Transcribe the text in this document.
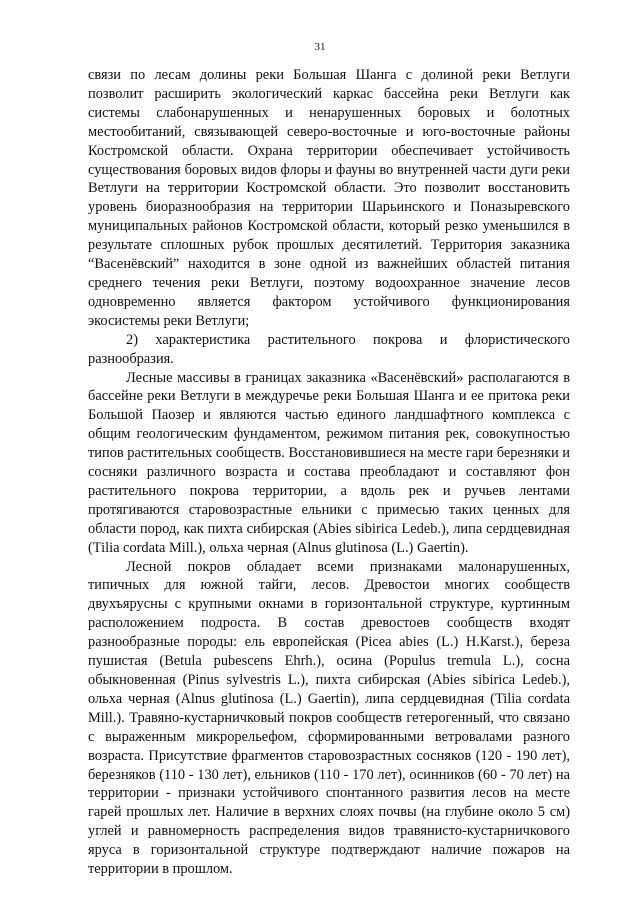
31

связи по лесам долины реки Большая Шанга с долиной реки Ветлуги позволит расширить экологический каркас бассейна реки Ветлуги как системы слабонарушенных и ненарушенных боровых и болотных местообитаний, связывающей северо-восточные и юго-восточные районы Костромской области. Охрана территории обеспечивает устойчивость существования боровых видов флоры и фауны во внутренней части дуги реки Ветлуги на территории Костромской области. Это позволит восстановить уровень биоразнообразия на территории Шарьинского и Поназыревского муниципальных районов Костромской области, который резко уменьшился в результате сплошных рубок прошлых десятилетий. Территория заказника “Васенёвский” находится в зоне одной из важнейших областей питания среднего течения реки Ветлуги, поэтому водоохранное значение лесов одновременно является фактором устойчивого функционирования экосистемы реки Ветлуги;

2) характеристика растительного покрова и флористического разнообразия.

Лесные массивы в границах заказника «Васенёвский» располагаются в бассейне реки Ветлуги в междуречье реки Большая Шанга и ее притока реки Большой Паозер и являются частью единого ландшафтного комплекса с общим геологическим фундаментом, режимом питания рек, совокупностью типов растительных сообществ. Восстановившиеся на месте гари березняки и сосняки различного возраста и состава преобладают и составляют фон растительного покрова территории, а вдоль рек и ручьев лентами протягиваются старовозрастные ельники с примесью таких ценных для области пород, как пихта сибирская (Abies sibirica Ledeb.), липа сердцевидная (Tilia cordata Mill.), ольха черная (Alnus glutinosa (L.) Gaertin).

Лесной покров обладает всеми признаками малонарушенных, типичных для южной тайги, лесов. Древостои многих сообществ двухъярусны с крупными окнами в горизонтальной структуре, куртинным расположением подроста. В состав древостоев сообществ входят разнообразные породы: ель европейская (Picea abies (L.) H.Karst.), береза пушистая (Betula pubescens Ehrh.), осина (Populus tremula L.), сосна обыкновенная (Pinus sylvestris L.), пихта сибирская (Abies sibirica Ledeb.), ольха черная (Alnus glutinosa (L.) Gaertin), липа сердцевидная (Tilia cordata Mill.). Травяно-кустарничковый покров сообществ гетерогенный, что связано с выраженным микрорельефом, сформированными ветровалами разного возраста. Присутствие фрагментов старовозрастных сосняков (120 - 190 лет), березняков (110 - 130 лет), ельников (110 - 170 лет), осинников (60 - 70 лет) на территории - признаки устойчивого спонтанного развития лесов на месте гарей прошлых лет. Наличие в верхних слоях почвы (на глубине около 5 см) углей и равномерность распределения видов травянисто-кустарничкового яруса в горизонтальной структуре подтверждают наличие пожаров на территории в прошлом.
